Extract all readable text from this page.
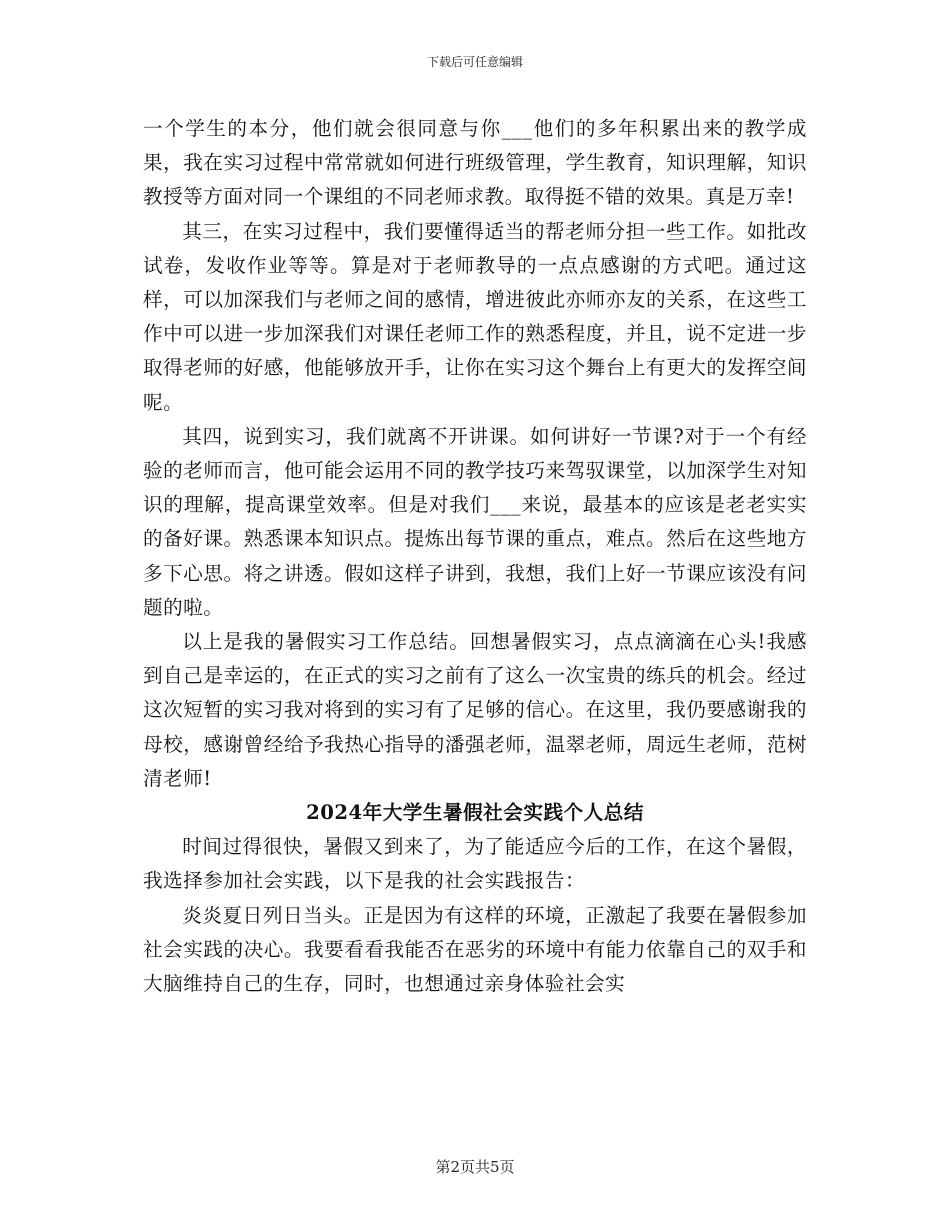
下载后可任意编辑

一个学生的本分，他们就会很同意与你___他们的多年积累出来的教学成果，我在实习过程中常常就如何进行班级管理，学生教育，知识理解，知识教授等方面对同一个课组的不同老师求教。取得挺不错的效果。真是万幸!

其三，在实习过程中，我们要懂得适当的帮老师分担一些工作。如批改试卷，发收作业等等。算是对于老师教导的一点点感谢的方式吧。通过这样，可以加深我们与老师之间的感情，增进彼此亦师亦友的关系，在这些工作中可以进一步加深我们对课任老师工作的熟悉程度，并且，说不定进一步取得老师的好感，他能够放开手，让你在实习这个舞台上有更大的发挥空间呢。

其四，说到实习，我们就离不开讲课。如何讲好一节课?对于一个有经验的老师而言，他可能会运用不同的教学技巧来驾驭课堂，以加深学生对知识的理解，提高课堂效率。但是对我们___来说，最基本的应该是老老实实的备好课。熟悉课本知识点。提炼出每节课的重点，难点。然后在这些地方多下心思。将之讲透。假如这样子讲到，我想，我们上好一节课应该没有问题的啦。

以上是我的暑假实习工作总结。回想暑假实习，点点滴滴在心头!我感到自己是幸运的，在正式的实习之前有了这么一次宝贵的练兵的机会。经过这次短暂的实习我对将到的实习有了足够的信心。在这里，我仍要感谢我的母校，感谢曾经给予我热心指导的潘强老师，温翠老师，周远生老师，范树清老师!

2024年大学生暑假社会实践个人总结

时间过得很快，暑假又到来了，为了能适应今后的工作，在这个暑假，我选择参加社会实践，以下是我的社会实践报告：

炎炎夏日列日当头。正是因为有这样的环境，正激起了我要在暑假参加社会实践的决心。我要看看我能否在恶劣的环境中有能力依靠自己的双手和大脑维持自己的生存，同时，也想通过亲身体验社会实

第2页共5页
